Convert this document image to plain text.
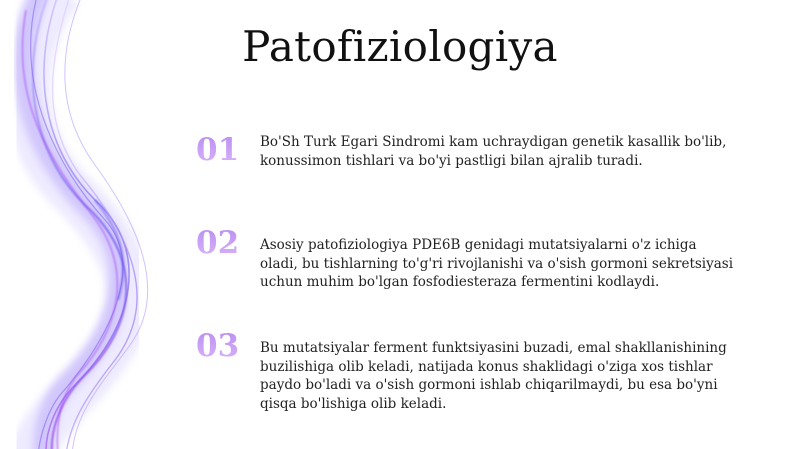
Patofiziologiya
01	Bo'Sh Turk Egari Sindromi kam uchraydigan genetik kasallik bo'lib, konussimon tishlari va bo'yi pastligi bilan ajralib turadi.
02	Asosiy patofiziologiya PDE6B genidagi mutatsiyalarni o'z ichiga oladi, bu tishlarning to'g'ri rivojlanishi va o'sish gormoni sekretsiyasi uchun muhim bo'lgan fosfodiesteraza fermentini kodlaydi.
03	Bu mutatsiyalar ferment funktsiyasini buzadi, emal shakllanishining buzilishiga olib keladi, natijada konus shaklidagi o'ziga xos tishlar paydo bo'ladi va o'sish gormoni ishlab chiqarilmaydi, bu esa bo'yni qisqa bo'lishiga olib keladi.
